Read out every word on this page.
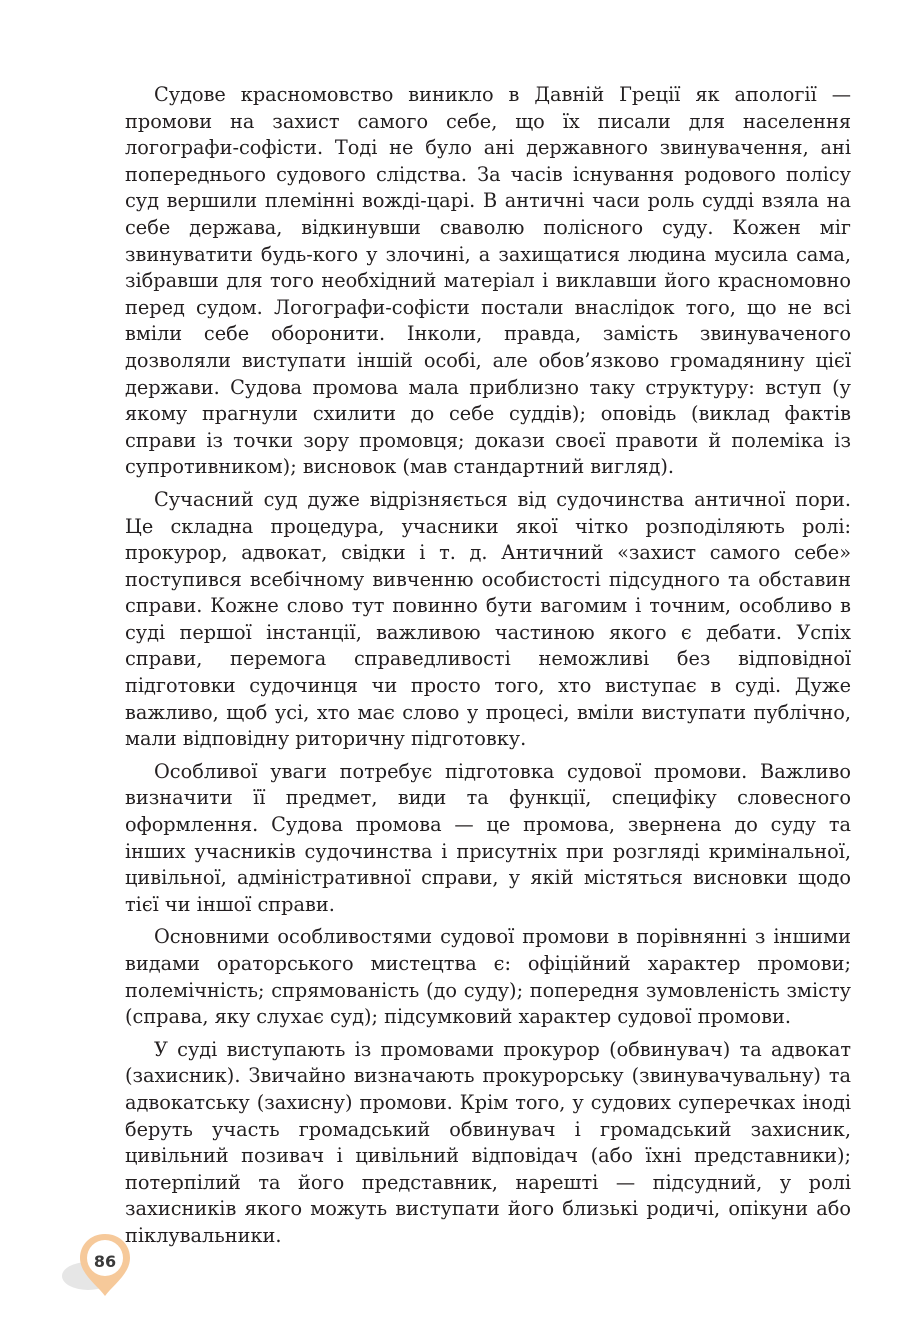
Судове красномовство виникло в Давній Греції як апології — промови на захист самого себе, що їх писали для населення логографи-софісти. Тоді не було ані державного звинувачення, ані попереднього судового слідства. За часів існування родового полісу суд вершили племінні вожді-царі. В античні часи роль судді взяла на себе держава, відкинувши сваволю полісного суду. Кожен міг звинуватити будь-кого у злочині, а захищатися людина мусила сама, зібравши для того необхідний матеріал і виклавши його красномовно перед судом. Логографи-софісти постали внаслідок того, що не всі вміли себе оборонити. Інколи, правда, замість звинуваченого дозволяли виступати іншій особі, але обов’язково громадянину цієї держави. Судова промова мала приблизно таку структуру: вступ (у якому прагнули схилити до себе суддів); оповідь (виклад фактів справи із точки зору промовця; докази своєї правоти й полеміка із супротивником); висновок (мав стандартний вигляд).

Сучасний суд дуже відрізняється від судочинства античної пори. Це складна процедура, учасники якої чітко розподіляють ролі: прокурор, адвокат, свідки і т. д. Античний «захист самого себе» поступився всебічному вивченню особистості підсудного та обставин справи. Кожне слово тут повинно бути вагомим і точним, особливо в суді першої інстанції, важливою частиною якого є дебати. Успіх справи, перемога справедливості неможливі без відповідної підготовки судочинця чи просто того, хто виступає в суді. Дуже важливо, щоб усі, хто має слово у процесі, вміли виступати публічно, мали відповідну риторичну підготовку.

Особливої уваги потребує підготовка судової промови. Важливо визначити її предмет, види та функції, специфіку словесного оформлення. Судова промова — це промова, звернена до суду та інших учасників судочинства і присутніх при розгляді кримінальної, цивільної, адміністративної справи, у якій містяться висновки щодо тієї чи іншої справи.

Основними особливостями судової промови в порівнянні з іншими видами ораторського мистецтва є: офіційний характер промови; полемічність; спрямованість (до суду); попередня зумовленість змісту (справа, яку слухає суд); підсумковий характер судової промови.

У суді виступають із промовами прокурор (обвинувач) та адвокат (захисник). Звичайно визначають прокурорську (звинувачувальну) та адвокатську (захисну) промови. Крім того, у судових суперечках іноді беруть участь громадський обвинувач і громадський захисник, цивільний позивач і цивільний відповідач (або їхні представники); потерпілий та його представник, нарешті — підсудний, у ролі захисників якого можуть виступати його близькі родичі, опікуни або піклувальники.

86
